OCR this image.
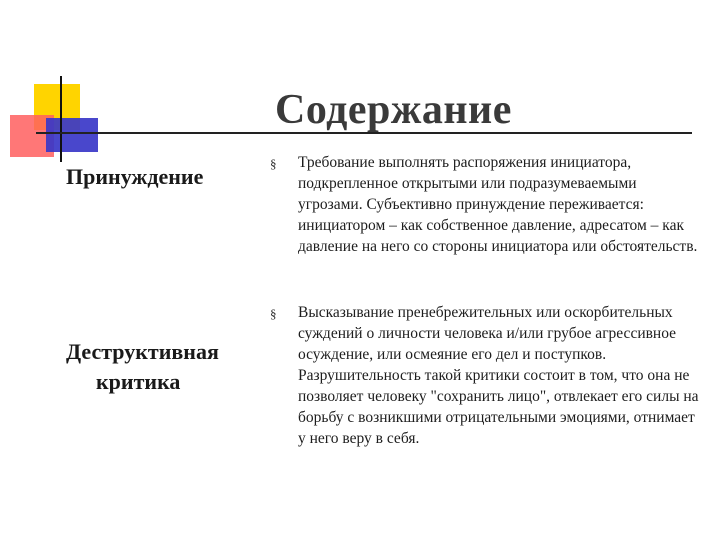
Содержание
Принуждение
§	Требование выполнять распоряжения инициатора, подкрепленное открытыми или подразумеваемыми угрозами. Субъективно принуждение переживается: инициатором – как собственное давление, адресатом – как давление на него со стороны инициатора или обстоятельств.
Деструктивная
критика
§	Высказывание пренебрежительных или оскорбительных суждений о личности человека и/или грубое агрессивное осуждение, или осмеяние его дел и поступков. Разрушительность такой критики состоит в том, что она не позволяет человеку "сохранить лицо", отвлекает его силы на борьбу с возникшими отрицательными эмоциями, отнимает у него веру в себя.
